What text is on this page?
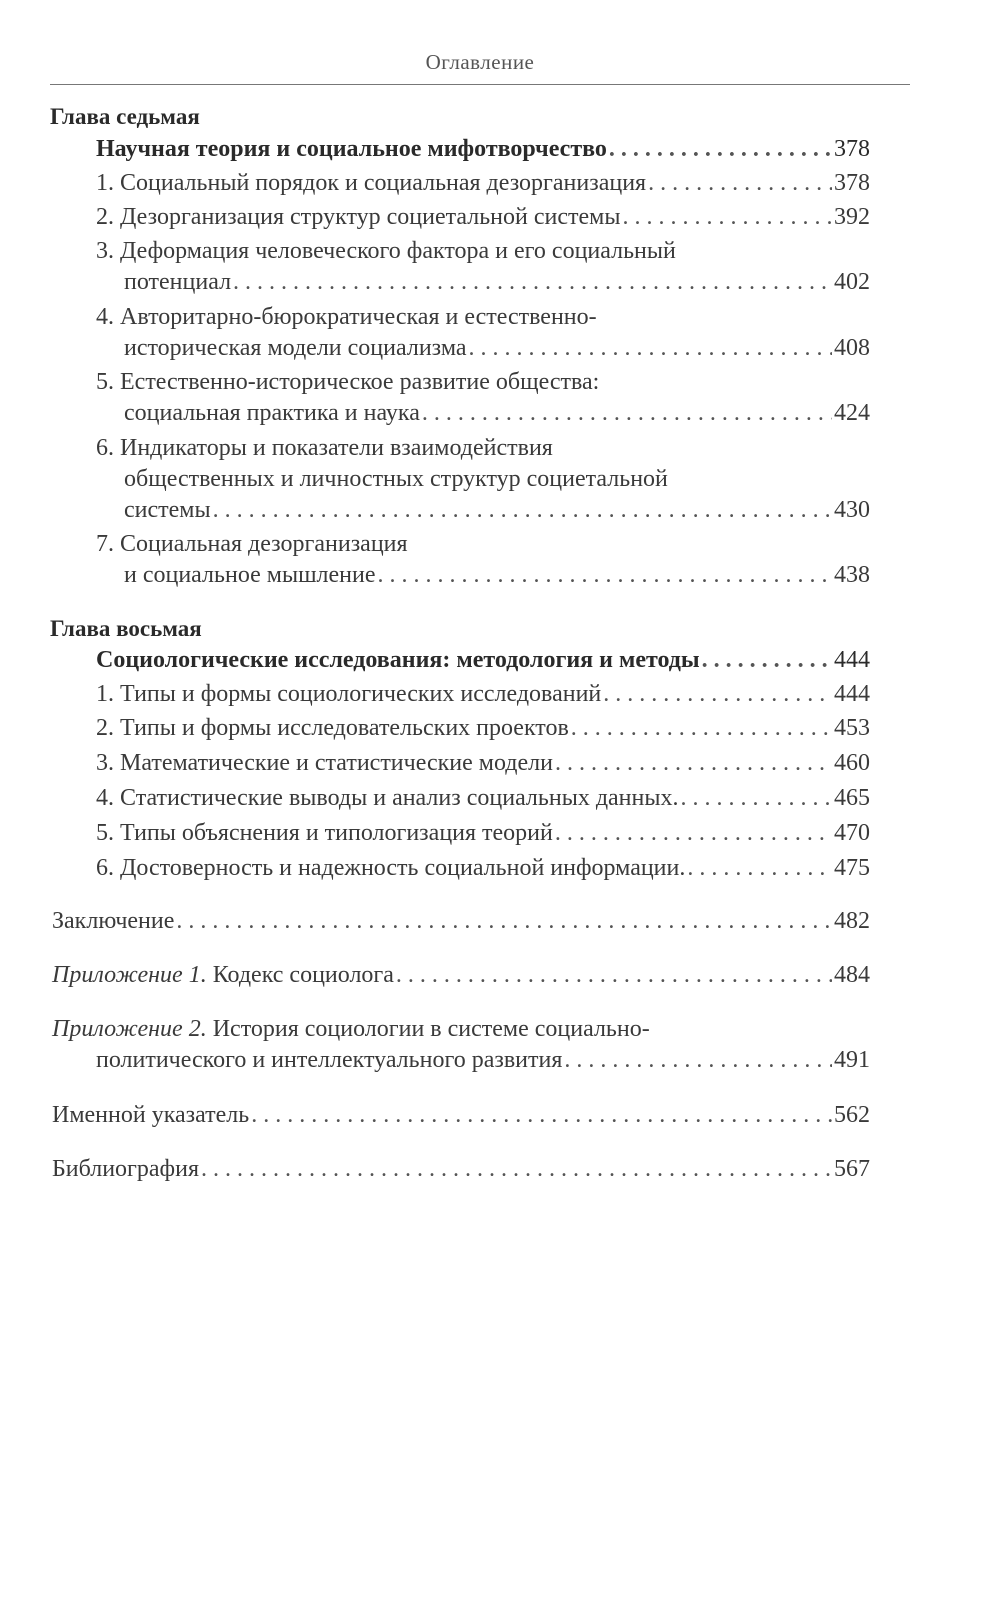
Оглавление
Глава седьмая
Научная теория и социальное мифотворчество . . .	378
1. Социальный порядок и социальная дезорганизация . . .	378
2. Дезорганизация структур социетальной системы . . .	392
3. Деформация человеческого фактора и его социальный
потенциал . . .	402
4. Авторитарно-бюрократическая и естественно-
историческая модели социализма . . .	408
5. Естественно-историческое развитие общества:
социальная практика и наука . . .	424
6. Индикаторы и показатели взаимодействия
общественных и личностных структур социетальной
системы . . .	430
7. Социальная дезорганизация
и социальное мышление . . .	438
Глава восьмая
Социологические исследования: методология и методы . . .	444
1. Типы и формы социологических исследований . . .	444
2. Типы и формы исследовательских проектов . . .	453
3. Математические и статистические модели . . .	460
4. Статистические выводы и анализ социальных данных. . . .	465
5. Типы объяснения и типологизация теорий . . .	470
6. Достоверность и надежность социальной информации. . . .	475
Заключение . . .	482
Приложение 1.
Кодекс социолога . . .	484
Приложение 2. История социологии в системе социально-
политического и интеллектуального развития . . .	491
Именной указатель . . .	562
Библиография . . .	567
